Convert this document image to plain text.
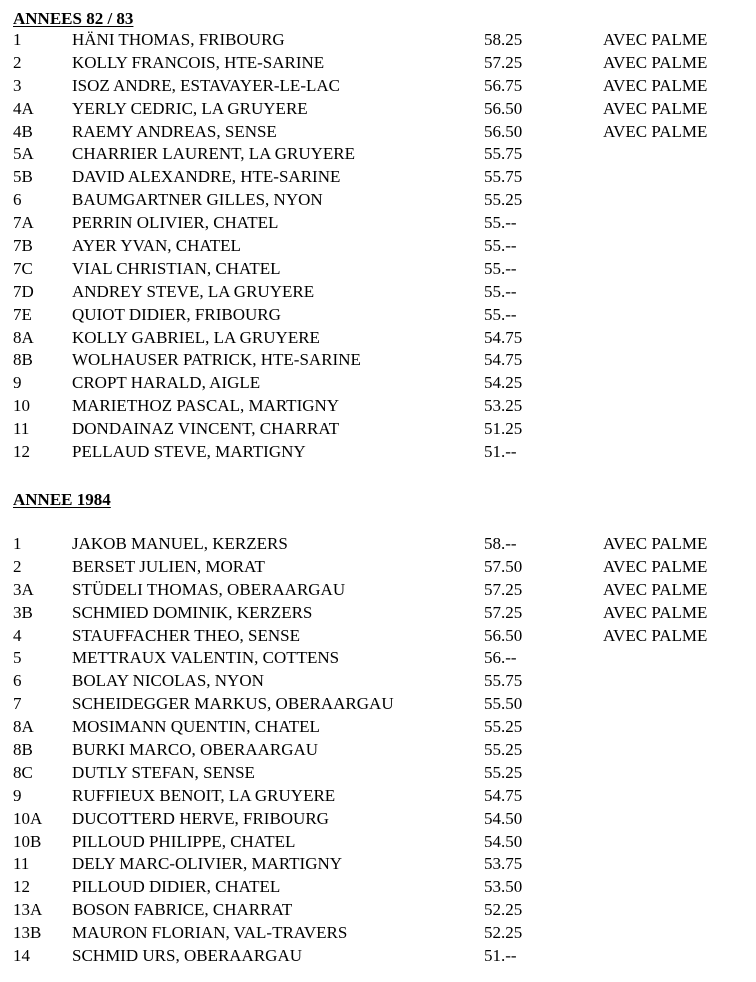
ANNEES 82 / 83
1	HÄNI THOMAS, FRIBOURG	58.25	AVEC PALME
2	KOLLY FRANCOIS, HTE-SARINE	57.25	AVEC PALME
3	ISOZ ANDRE, ESTAVAYER-LE-LAC	56.75	AVEC PALME
4A YERLY CEDRIC, LA GRUYERE	56.50	AVEC PALME
4B RAEMY ANDREAS, SENSE	56.50	AVEC PALME
5A CHARRIER LAURENT, LA GRUYERE	55.75
5B DAVID ALEXANDRE, HTE-SARINE	55.75
6	BAUMGARTNER GILLES, NYON	55.25
7A PERRIN OLIVIER, CHATEL	55.--
7B AYER YVAN, CHATEL	55.--
7C VIAL CHRISTIAN, CHATEL	55.--
7D ANDREY STEVE, LA GRUYERE	55.--
7E QUIOT DIDIER, FRIBOURG	55.--
8A KOLLY GABRIEL, LA GRUYERE	54.75
8B WOLHAUSER PATRICK, HTE-SARINE	54.75
9	CROPT HARALD, AIGLE	54.25
10 MARIETHOZ PASCAL, MARTIGNY	53.25
11	DONDAINAZ VINCENT, CHARRAT	51.25
12 PELLAUD STEVE, MARTIGNY	51.--
ANNEE 1984
1	JAKOB MANUEL, KERZERS	58.--	AVEC PALME
2	BERSET JULIEN, MORAT	57.50	AVEC PALME
3A STÜDELI THOMAS, OBERAARGAU	57.25	AVEC PALME
3B SCHMIED DOMINIK, KERZERS	57.25	AVEC PALME
4	STAUFFACHER THEO, SENSE	56.50	AVEC PALME
5	METTRAUX VALENTIN, COTTENS	56.--
6	BOLAY NICOLAS, NYON	55.75
7	SCHEIDEGGER MARKUS, OBERAARGAU	55.50
8A MOSIMANN QUENTIN, CHATEL	55.25
8B BURKI MARCO, OBERAARGAU	55.25
8C DUTLY STEFAN, SENSE	55.25
9	RUFFIEUX BENOIT, LA GRUYERE	54.75
10A DUCOTTERD HERVE, FRIBOURG	54.50
10B PILLOUD PHILIPPE, CHATEL	54.50
11	DELY MARC-OLIVIER, MARTIGNY	53.75
12 PILLOUD DIDIER, CHATEL	53.50
13A BOSON FABRICE, CHARRAT	52.25
13B MAURON FLORIAN, VAL-TRAVERS	52.25
14 SCHMID URS, OBERAARGAU	51.--
